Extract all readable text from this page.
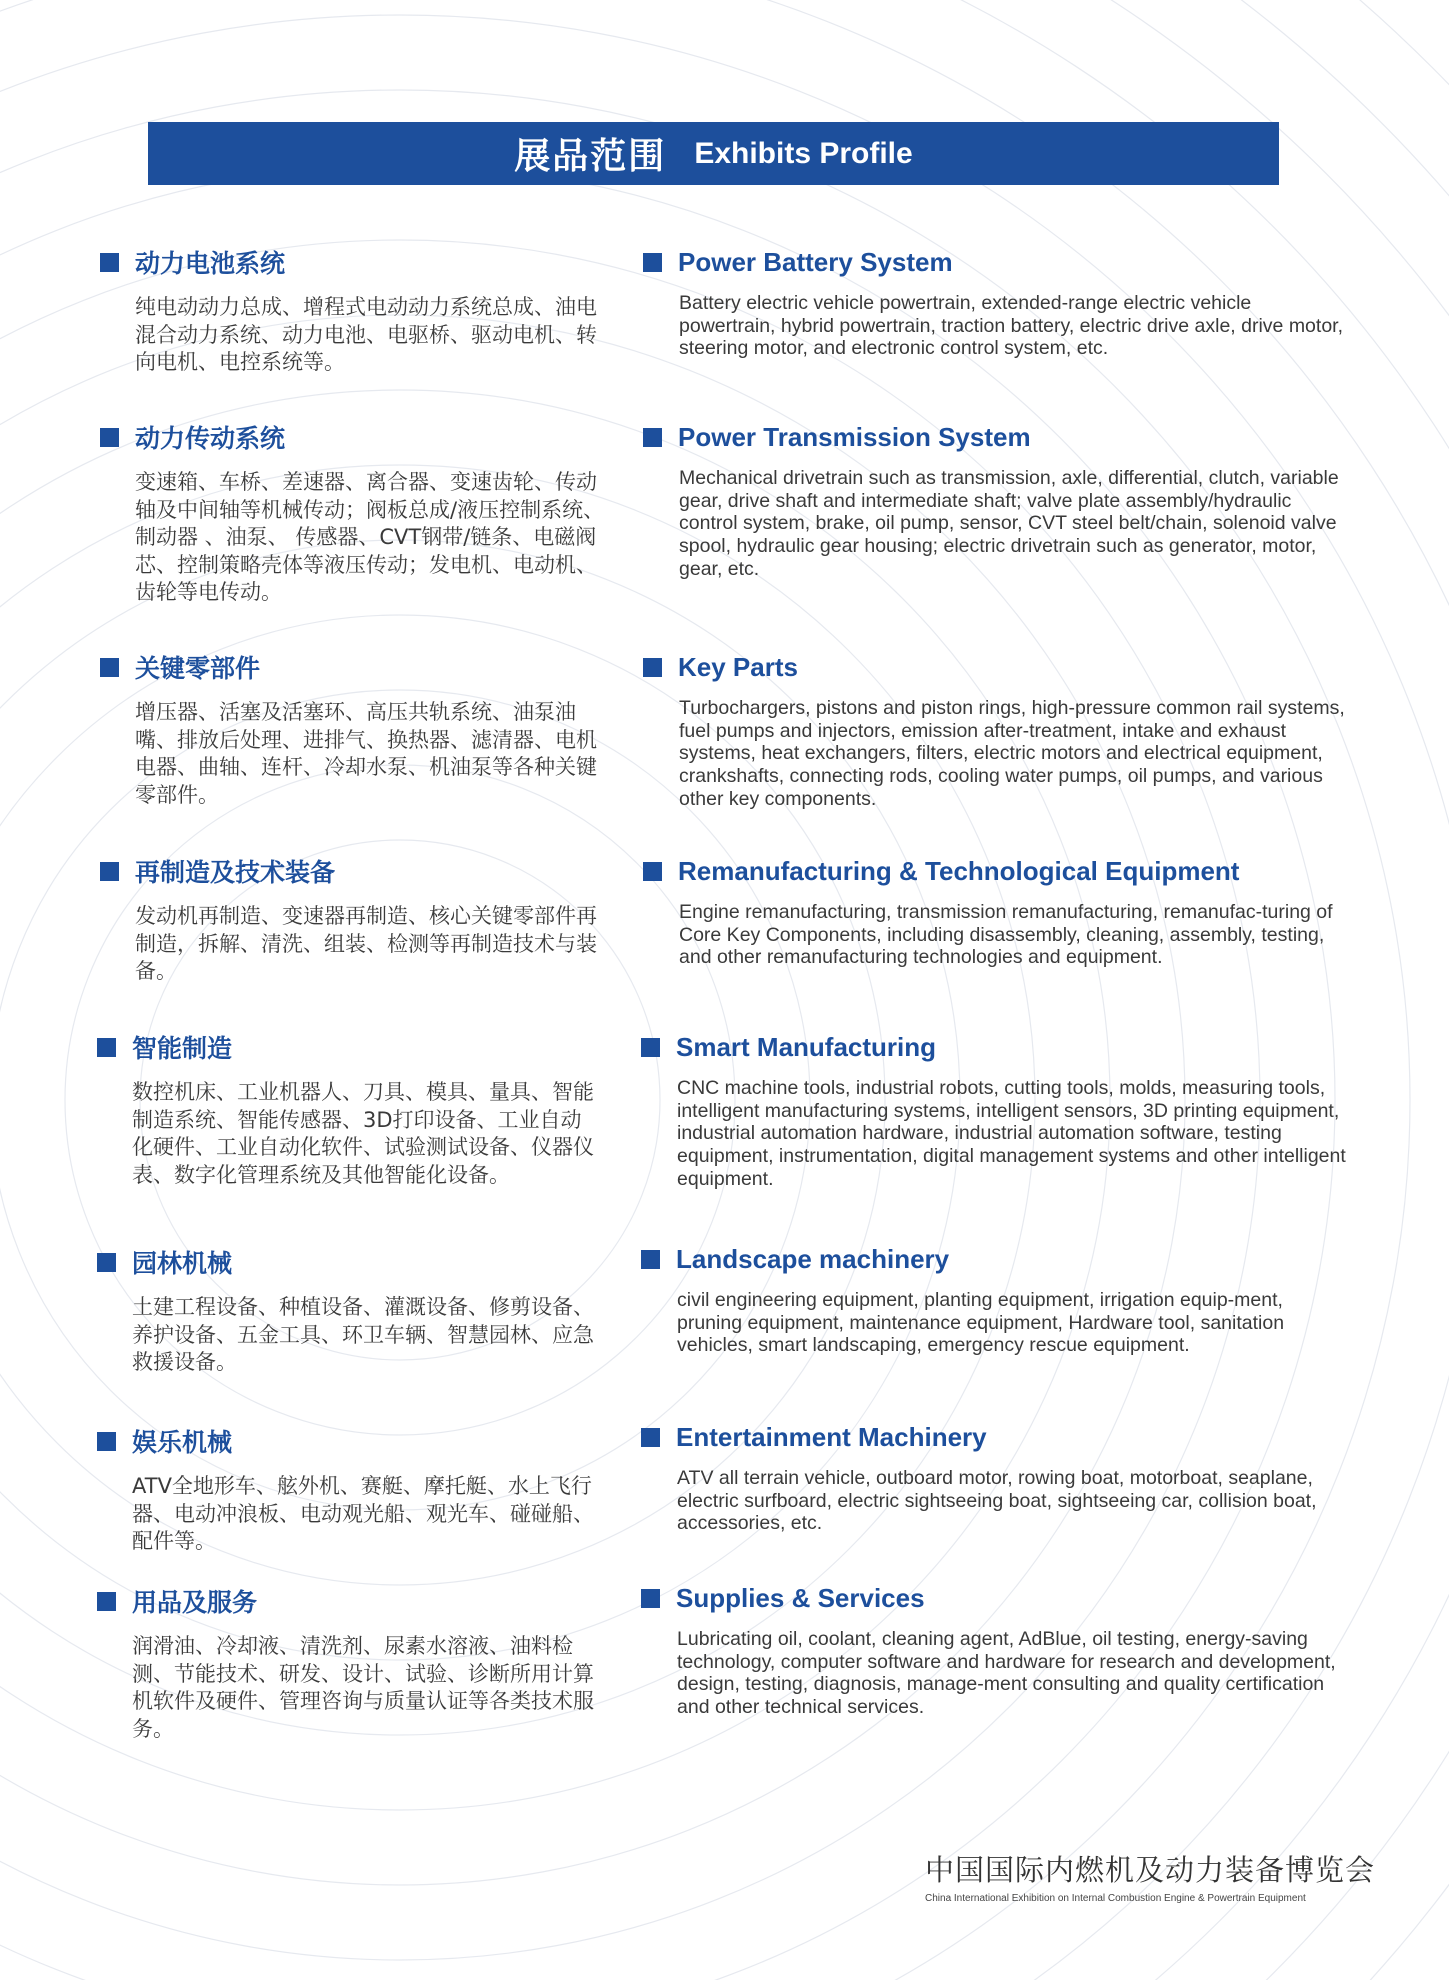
展品范围 Exhibits Profile
动力电池系统
纯电动动力总成、增程式电动动力系统总成、油电混合动力系统、动力电池、电驱桥、驱动电机、转向电机、电控系统等。
Power Battery System
Battery electric vehicle powertrain, extended-range electric vehicle powertrain, hybrid powertrain, traction battery, electric drive axle, drive motor, steering motor, and electronic control system, etc.
动力传动系统
变速箱、车桥、差速器、离合器、变速齿轮、传动轴及中间轴等机械传动；阀板总成/液压控制系统、制动器 、油泵、 传感器、CVT钢带/链条、电磁阀芯、控制策略壳体等液压传动；发电机、电动机、齿轮等电传动。
Power Transmission System
Mechanical drivetrain such as transmission, axle, differential, clutch, variable gear, drive shaft and intermediate shaft; valve plate assembly/hydraulic control system, brake, oil pump, sensor, CVT steel belt/chain, solenoid valve spool, hydraulic gear housing; electric drivetrain such as generator, motor, gear, etc.
关键零部件
增压器、活塞及活塞环、高压共轨系统、油泵油嘴、排放后处理、进排气、换热器、滤清器、电机电器、曲轴、连杆、冷却水泵、机油泵等各种关键零部件。
Key Parts
Turbochargers, pistons and piston rings, high-pressure common rail systems, fuel pumps and injectors, emission after-treatment, intake and exhaust systems, heat exchangers, filters, electric motors and electrical equipment, crankshafts, connecting rods, cooling water pumps, oil pumps, and various other key components.
再制造及技术装备
发动机再制造、变速器再制造、核心关键零部件再制造，拆解、清洗、组装、检测等再制造技术与装备。
Remanufacturing & Technological Equipment
Engine remanufacturing, transmission remanufacturing, remanufac-turing of Core Key Components, including disassembly, cleaning, assembly, testing, and other remanufacturing technologies and equipment.
智能制造
数控机床、工业机器人、刀具、模具、量具、智能制造系统、智能传感器、3D打印设备、工业自动化硬件、工业自动化软件、试验测试设备、仪器仪表、数字化管理系统及其他智能化设备。
Smart Manufacturing
CNC machine tools, industrial robots, cutting tools, molds, measuring tools, intelligent manufacturing systems, intelligent sensors, 3D printing equipment, industrial automation hardware, industrial automation software, testing equipment, instrumentation, digital management systems and other intelligent equipment.
园林机械
土建工程设备、种植设备、灌溉设备、修剪设备、养护设备、五金工具、环卫车辆、智慧园林、应急救援设备。
Landscape machinery
civil engineering equipment, planting equipment, irrigation equip-ment, pruning equipment, maintenance equipment, Hardware tool, sanitation vehicles, smart landscaping, emergency rescue equipment.
娱乐机械
ATV全地形车、舷外机、赛艇、摩托艇、水上飞行器、电动冲浪板、电动观光船、观光车、碰碰船、配件等。
Entertainment Machinery
ATV all terrain vehicle, outboard motor, rowing boat, motorboat, seaplane, electric surfboard, electric sightseeing boat, sightseeing car, collision boat, accessories, etc.
用品及服务
润滑油、冷却液、清洗剂、尿素水溶液、油料检测、节能技术、研发、设计、试验、诊断所用计算机软件及硬件、管理咨询与质量认证等各类技术服务。
Supplies & Services
Lubricating oil, coolant, cleaning agent, AdBlue, oil testing, energy-saving technology, computer software and hardware for research and development, design, testing, diagnosis, manage-ment consulting and quality certification and other technical services.
中国国际内燃机及动力装备博览会
China International Exhibition on Internal Combustion Engine & Powertrain Equipment
